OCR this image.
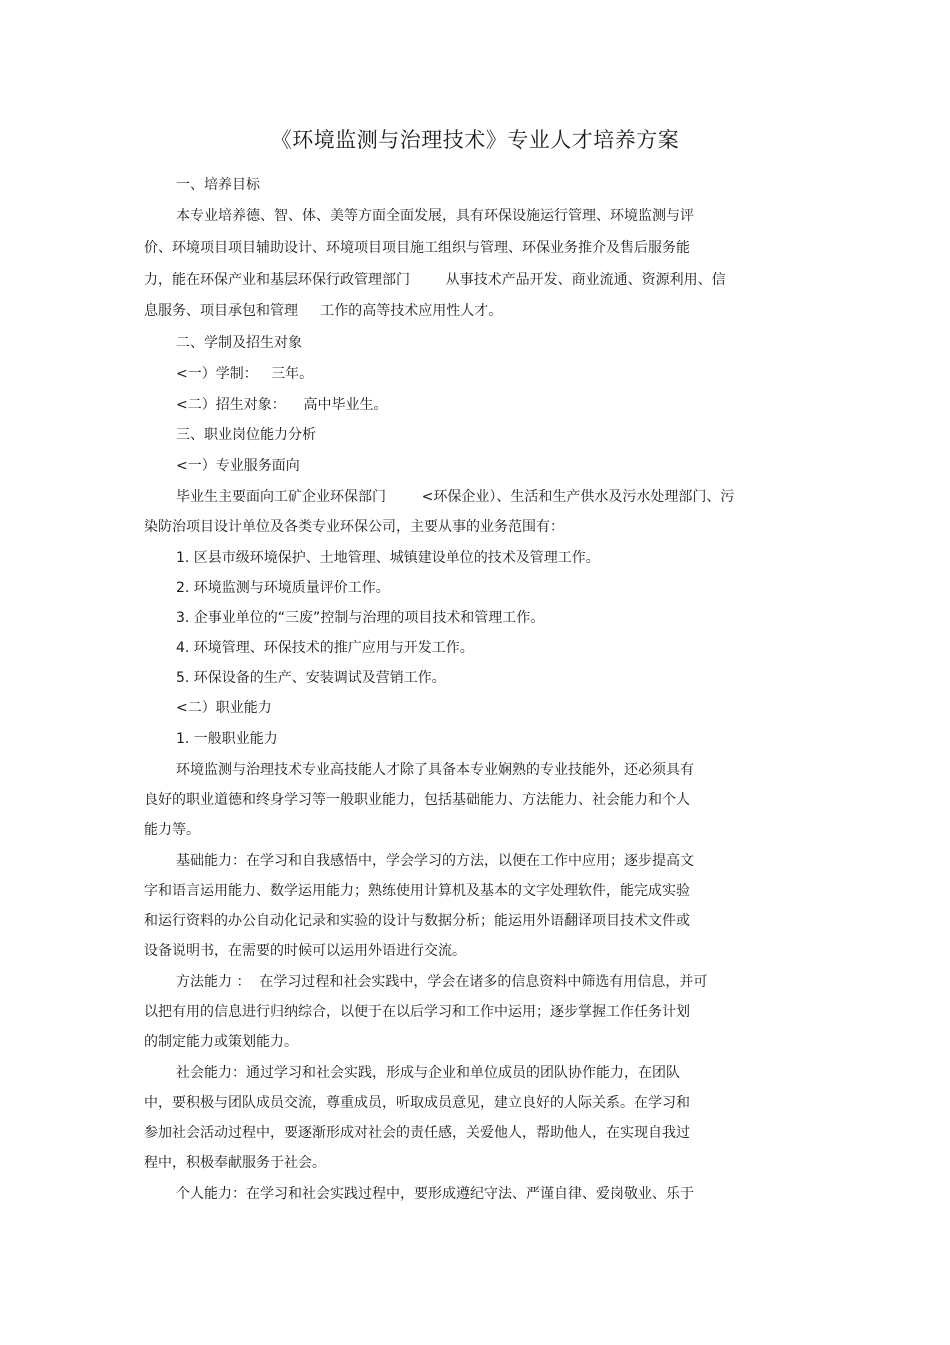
《环境监测与治理技术》专业人才培养方案
一、培养目标
本专业培养德、智、体、美等方面全面发展，具有环保设施运行管理、环境监测与评
价、环境项目项目辅助设计、环境项目项目施工组织与管理、环保业务推介及售后服务能
力，能在环保产业和基层环保行政管理部门        从事技术产品开发、商业流通、资源利用、信
息服务、项目承包和管理     工作的高等技术应用性人才。
二、学制及招生对象
<一）学制：   三年。
<二）招生对象：    高中毕业生。
三、职业岗位能力分析
<一）专业服务面向
毕业生主要面向工矿企业环保部门        <环保企业）、生活和生产供水及污水处理部门、污
染防治项目设计单位及各类专业环保公司，主要从事的业务范围有：
1. 区县市级环境保护、土地管理、城镇建设单位的技术及管理工作。
2. 环境监测与环境质量评价工作。
3. 企事业单位的“三废”控制与治理的项目技术和管理工作。
4. 环境管理、环保技术的推广应用与开发工作。
5. 环保设备的生产、安装调试及营销工作。
<二）职业能力
1. 一般职业能力
环境监测与治理技术专业高技能人才除了具备本专业娴熟的专业技能外，还必须具有
良好的职业道德和终身学习等一般职业能力，包括基础能力、方法能力、社会能力和个人
能力等。
基础能力：在学习和自我感悟中，学会学习的方法，以便在工作中应用；逐步提高文
字和语言运用能力、数学运用能力；熟练使用计算机及基本的文字处理软件，能完成实验
和运行资料的办公自动化记录和实验的设计与数据分析；能运用外语翻译项目技术文件或
设备说明书，在需要的时候可以运用外语进行交流。
方法能力 ：  在学习过程和社会实践中，学会在诸多的信息资料中筛选有用信息，并可
以把有用的信息进行归纳综合，以便于在以后学习和工作中运用；逐步掌握工作任务计划
的制定能力或策划能力。
社会能力：通过学习和社会实践，形成与企业和单位成员的团队协作能力，在团队
中，要积极与团队成员交流，尊重成员，听取成员意见，建立良好的人际关系。在学习和
参加社会活动过程中，要逐渐形成对社会的责任感，关爱他人，帮助他人，在实现自我过
程中，积极奉献服务于社会。
个人能力：在学习和社会实践过程中，要形成遵纪守法、严谨自律、爱岗敬业、乐于
